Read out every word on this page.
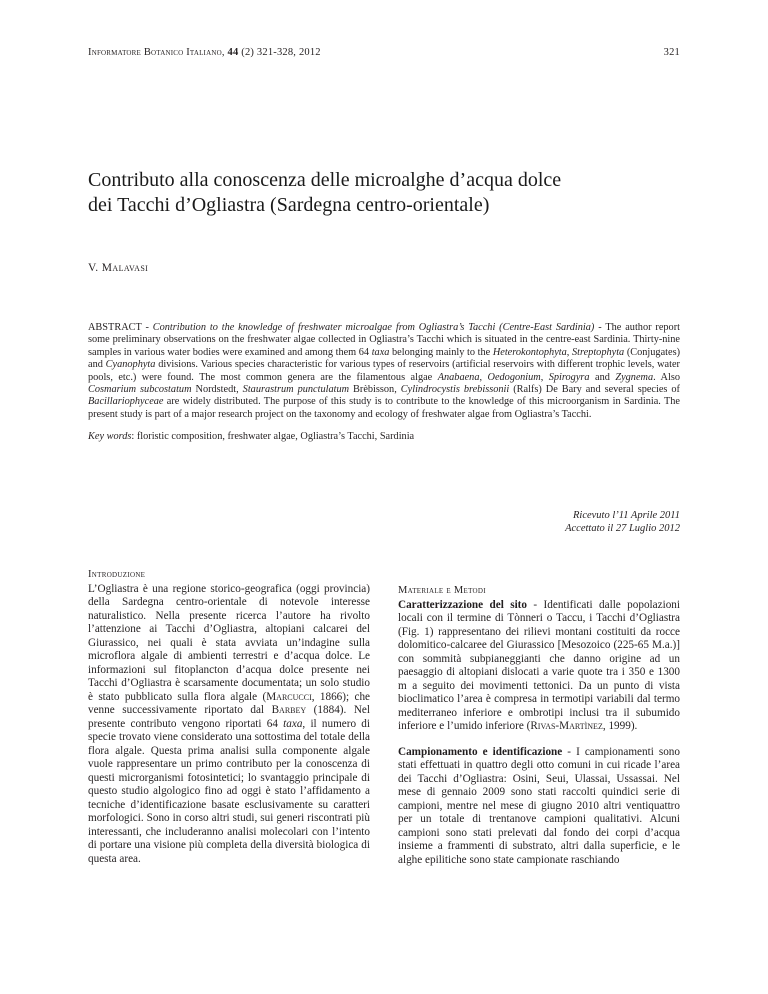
Informatore Botanico Italiano, 44 (2) 321-328, 2012	321
Contributo alla conoscenza delle microalghe d’acqua dolce
dei Tacchi d’Ogliastra (Sardegna centro-orientale)
V. Malavasi
ABSTRACT - Contribution to the knowledge of freshwater microalgae from Ogliastra’s Tacchi (Centre-East Sardinia) - The author report some preliminary observations on the freshwater algae collected in Ogliastra’s Tacchi which is situated in the centre-east Sardinia. Thirty-nine samples in various water bodies were examined and among them 64 taxa belonging mainly to the Heterokontophyta, Streptophyta (Conjugates) and Cyanophyta divisions. Various species characteristic for various types of reservoirs (artificial reservoirs with different trophic levels, water pools, etc.) were found. The most common genera are the filamentous algae Anabaena, Oedogonium, Spirogyra and Zygnema. Also Cosmarium subcostatum Nordstedt, Staurastrum punctulatum Brèbisson, Cylindrocystis brebissonii (Ralfs) De Bary and several species of Bacillariophyceae are widely distributed. The purpose of this study is to contribute to the knowledge of this microorganism in Sardinia. The present study is part of a major research project on the taxonomy and ecology of freshwater algae from Ogliastra’s Tacchi.
Key words: floristic composition, freshwater algae, Ogliastra’s Tacchi, Sardinia
Ricevuto l’11 Aprile 2011
Accettato il 27 Luglio 2012
Introduzione

L’Ogliastra è una regione storico-geografica (oggi provincia) della Sardegna centro-orientale di notevole interesse naturalistico. Nella presente ricerca l’autore ha rivolto l’attenzione ai Tacchi d’Ogliastra, altopiani calcarei del Giurassico, nei quali è stata avviata un’indagine sulla microflora algale di ambienti terrestri e d’acqua dolce. Le informazioni sul fitoplancton d’acqua dolce presente nei Tacchi d’Ogliastra è scarsamente documentata; un solo studio è stato pubblicato sulla flora algale (Marcucci, 1866); che venne successivamente riportato dal Barbey (1884). Nel presente contributo vengono riportati 64 taxa, il numero di specie trovato viene considerato una sottostima del totale della flora algale. Questa prima analisi sulla componente algale vuole rappresentare un primo contributo per la conoscenza di questi microrganismi fotosintetici; lo svantaggio principale di questo studio algologico fino ad oggi è stato l’affidamento a tecniche d’identificazione basate esclusivamente su caratteri morfologici. Sono in corso altri studi, sui generi riscontrati più interessanti, che includeranno analisi molecolari con l’intento di portare una visione più completa della diversità biologica di questa area.

Materiale e Metodi

Caratterizzazione del sito - Identificati dalle popolazioni locali con il termine di Tònneri o Taccu, i Tacchi d’Ogliastra (Fig. 1) rappresentano dei rilievi montani costituiti da rocce dolomitico-calcaree del Giurassico [Mesozoico (225-65 M.a.)] con sommità subpianeggianti che danno origine ad un paesaggio di altopiani dislocati a varie quote tra i 350 e 1300 m a seguito dei movimenti tettonici. Da un punto di vista bioclimatico l’area è compresa in termotipi variabili dal termo mediterraneo inferiore e ombrotipi inclusi tra il subumido inferiore e l’umido inferiore (Rivas-Martìnez, 1999).

Campionamento e identificazione - I campionamenti sono stati effettuati in quattro degli otto comuni in cui ricade l’area dei Tacchi d’Ogliastra: Osini, Seui, Ulassai, Ussassai. Nel mese di gennaio 2009 sono stati raccolti quindici serie di campioni, mentre nel mese di giugno 2010 altri ventiquattro per un totale di trentanove campioni qualitativi. Alcuni campioni sono stati prelevati dal fondo dei corpi d’acqua insieme a frammenti di substrato, altri dalla superficie, e le alghe epilitiche sono state campionate raschiando
